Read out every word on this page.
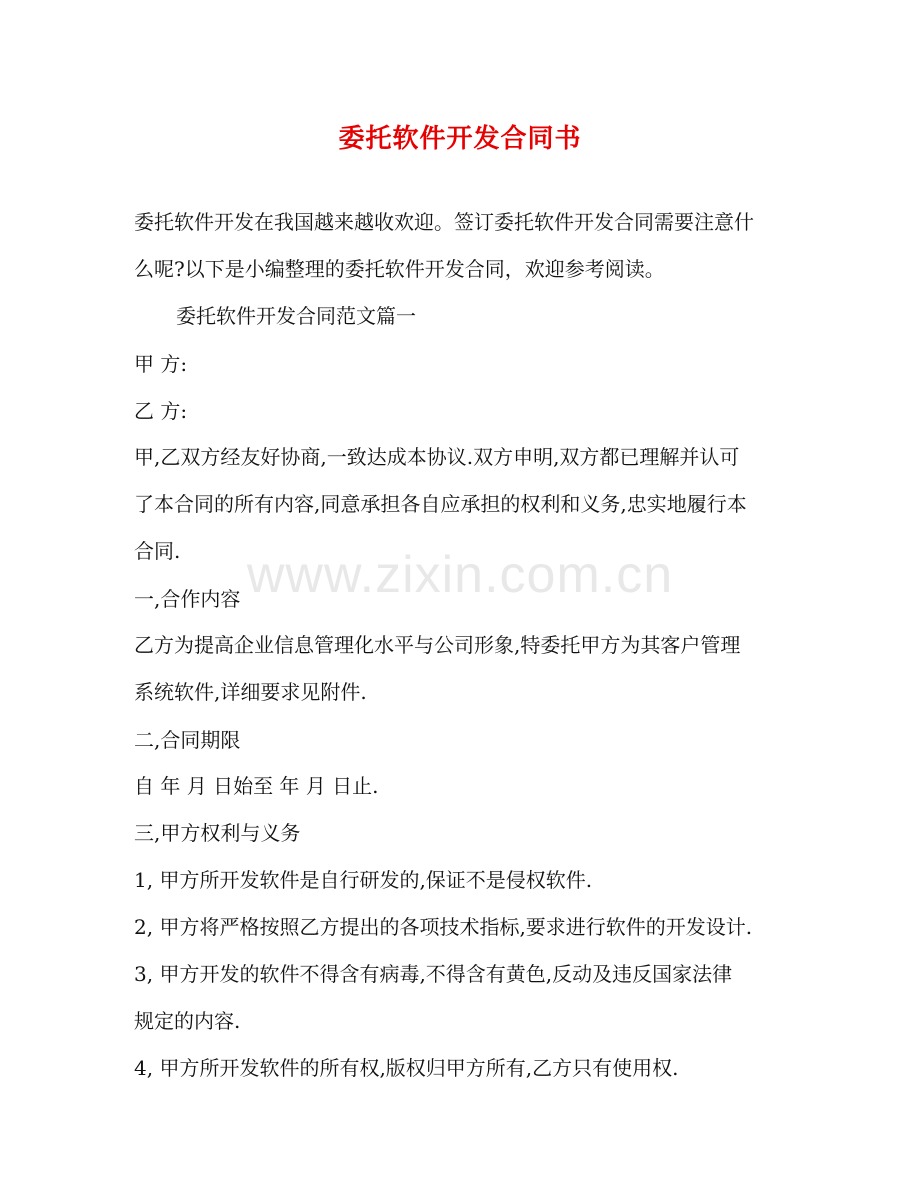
委托软件开发合同书
www.zixin.com.cn
委托软件开发在我国越来越收欢迎。签订委托软件开发合同需要注意什
么呢?以下是小编整理的委托软件开发合同，欢迎参考阅读。
委托软件开发合同范文篇一
甲 方:
乙 方:
甲,乙双方经友好协商,一致达成本协议.双方申明,双方都已理解并认可
了本合同的所有内容,同意承担各自应承担的权利和义务,忠实地履行本
合同.
一,合作内容
乙方为提高企业信息管理化水平与公司形象,特委托甲方为其客户管理
系统软件,详细要求见附件.
二,合同期限
自 年 月 日始至 年 月 日止.
三,甲方权利与义务
1, 甲方所开发软件是自行研发的,保证不是侵权软件.
2, 甲方将严格按照乙方提出的各项技术指标,要求进行软件的开发设计.
3, 甲方开发的软件不得含有病毒,不得含有黄色,反动及违反国家法律
规定的内容.
4, 甲方所开发软件的所有权,版权归甲方所有,乙方只有使用权.
